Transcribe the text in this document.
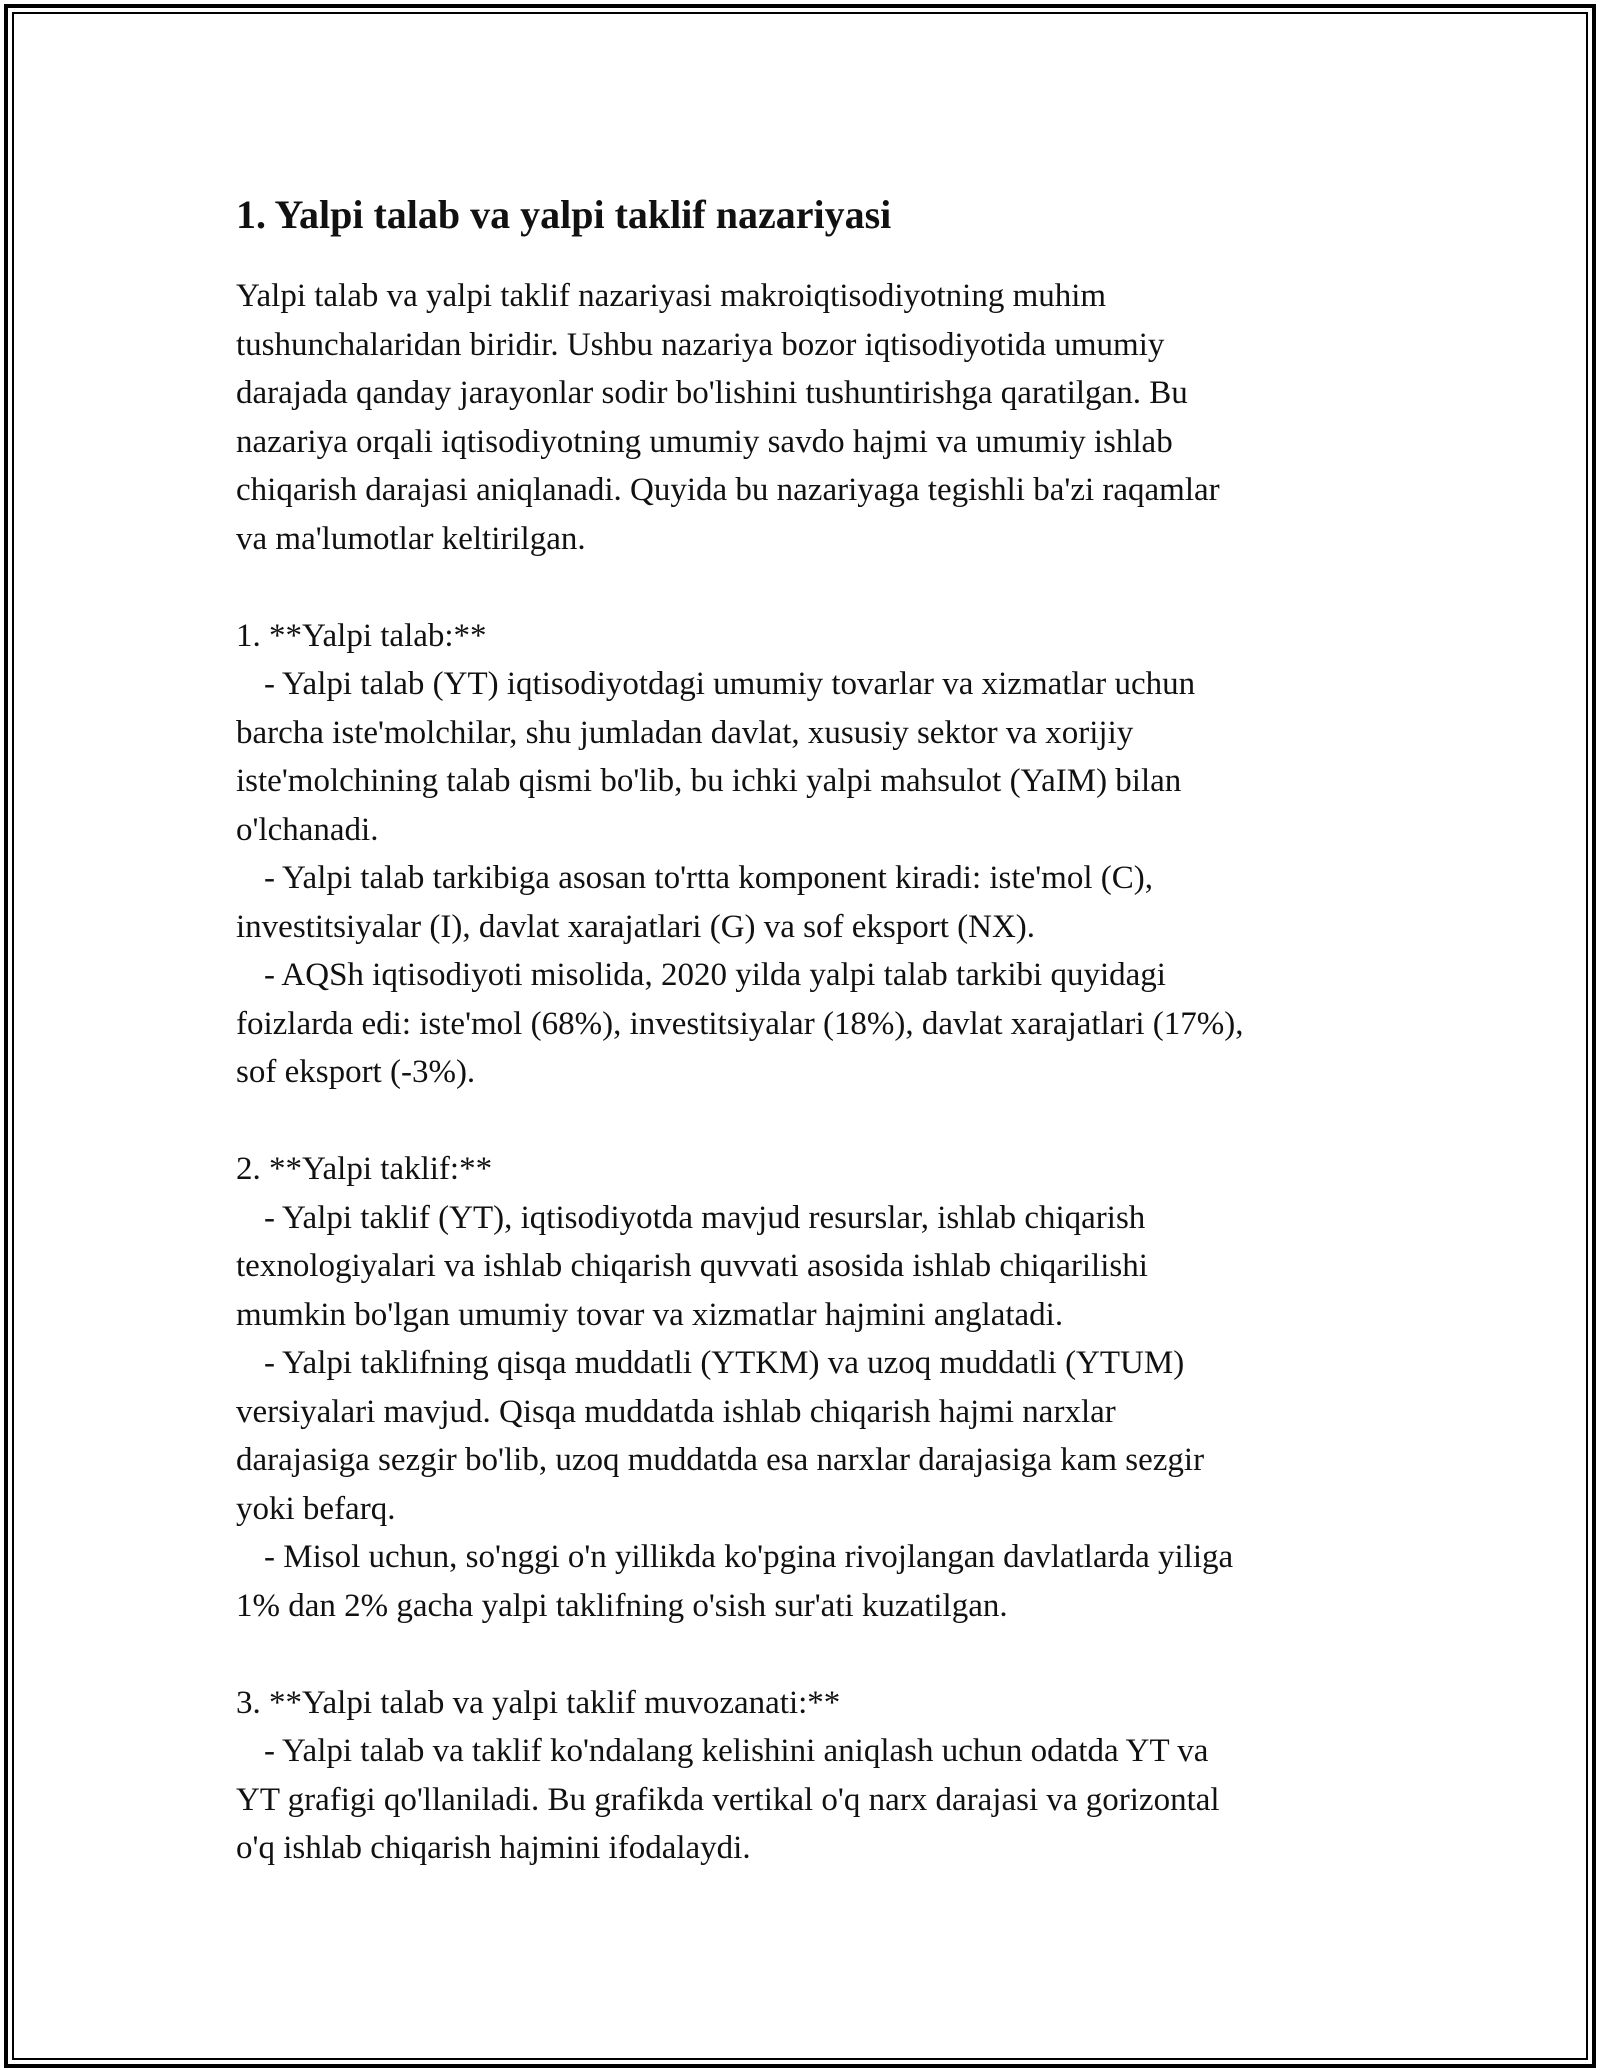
1. Yalpi talab va yalpi taklif nazariyasi
Yalpi talab va yalpi taklif nazariyasi makroiqtisodiyotning muhim
tushunchalaridan biridir. Ushbu nazariya bozor iqtisodiyotida umumiy
darajada qanday jarayonlar sodir bo'lishini tushuntirishga qaratilgan. Bu
nazariya orqali iqtisodiyotning umumiy savdo hajmi va umumiy ishlab
chiqarish darajasi aniqlanadi. Quyida bu nazariyaga tegishli ba'zi raqamlar
va ma'lumotlar keltirilgan.
1. **Yalpi talab:**
- Yalpi talab (YT) iqtisodiyotdagi umumiy tovarlar va xizmatlar uchun
barcha iste'molchilar, shu jumladan davlat, xususiy sektor va xorijiy
iste'molchining talab qismi bo'lib, bu ichki yalpi mahsulot (YaIM) bilan
o'lchanadi.
- Yalpi talab tarkibiga asosan to'rtta komponent kiradi: iste'mol (C),
investitsiyalar (I), davlat xarajatlari (G) va sof eksport (NX).
- AQSh iqtisodiyoti misolida, 2020 yilda yalpi talab tarkibi quyidagi
foizlarda edi: iste'mol (68%), investitsiyalar (18%), davlat xarajatlari (17%),
sof eksport (-3%).
2. **Yalpi taklif:**
- Yalpi taklif (YT), iqtisodiyotda mavjud resurslar, ishlab chiqarish
texnologiyalari va ishlab chiqarish quvvati asosida ishlab chiqarilishi
mumkin bo'lgan umumiy tovar va xizmatlar hajmini anglatadi.
- Yalpi taklifning qisqa muddatli (YTKM) va uzoq muddatli (YTUM)
versiyalari mavjud. Qisqa muddatda ishlab chiqarish hajmi narxlar
darajasiga sezgir bo'lib, uzoq muddatda esa narxlar darajasiga kam sezgir
yoki befarq.
- Misol uchun, so'nggi o'n yillikda ko'pgina rivojlangan davlatlarda yiliga
1% dan 2% gacha yalpi taklifning o'sish sur'ati kuzatilgan.
3. **Yalpi talab va yalpi taklif muvozanati:**
- Yalpi talab va taklif ko'ndalang kelishini aniqlash uchun odatda YT va
YT grafigi qo'llaniladi. Bu grafikda vertikal o'q narx darajasi va gorizontal
o'q ishlab chiqarish hajmini ifodalaydi.
